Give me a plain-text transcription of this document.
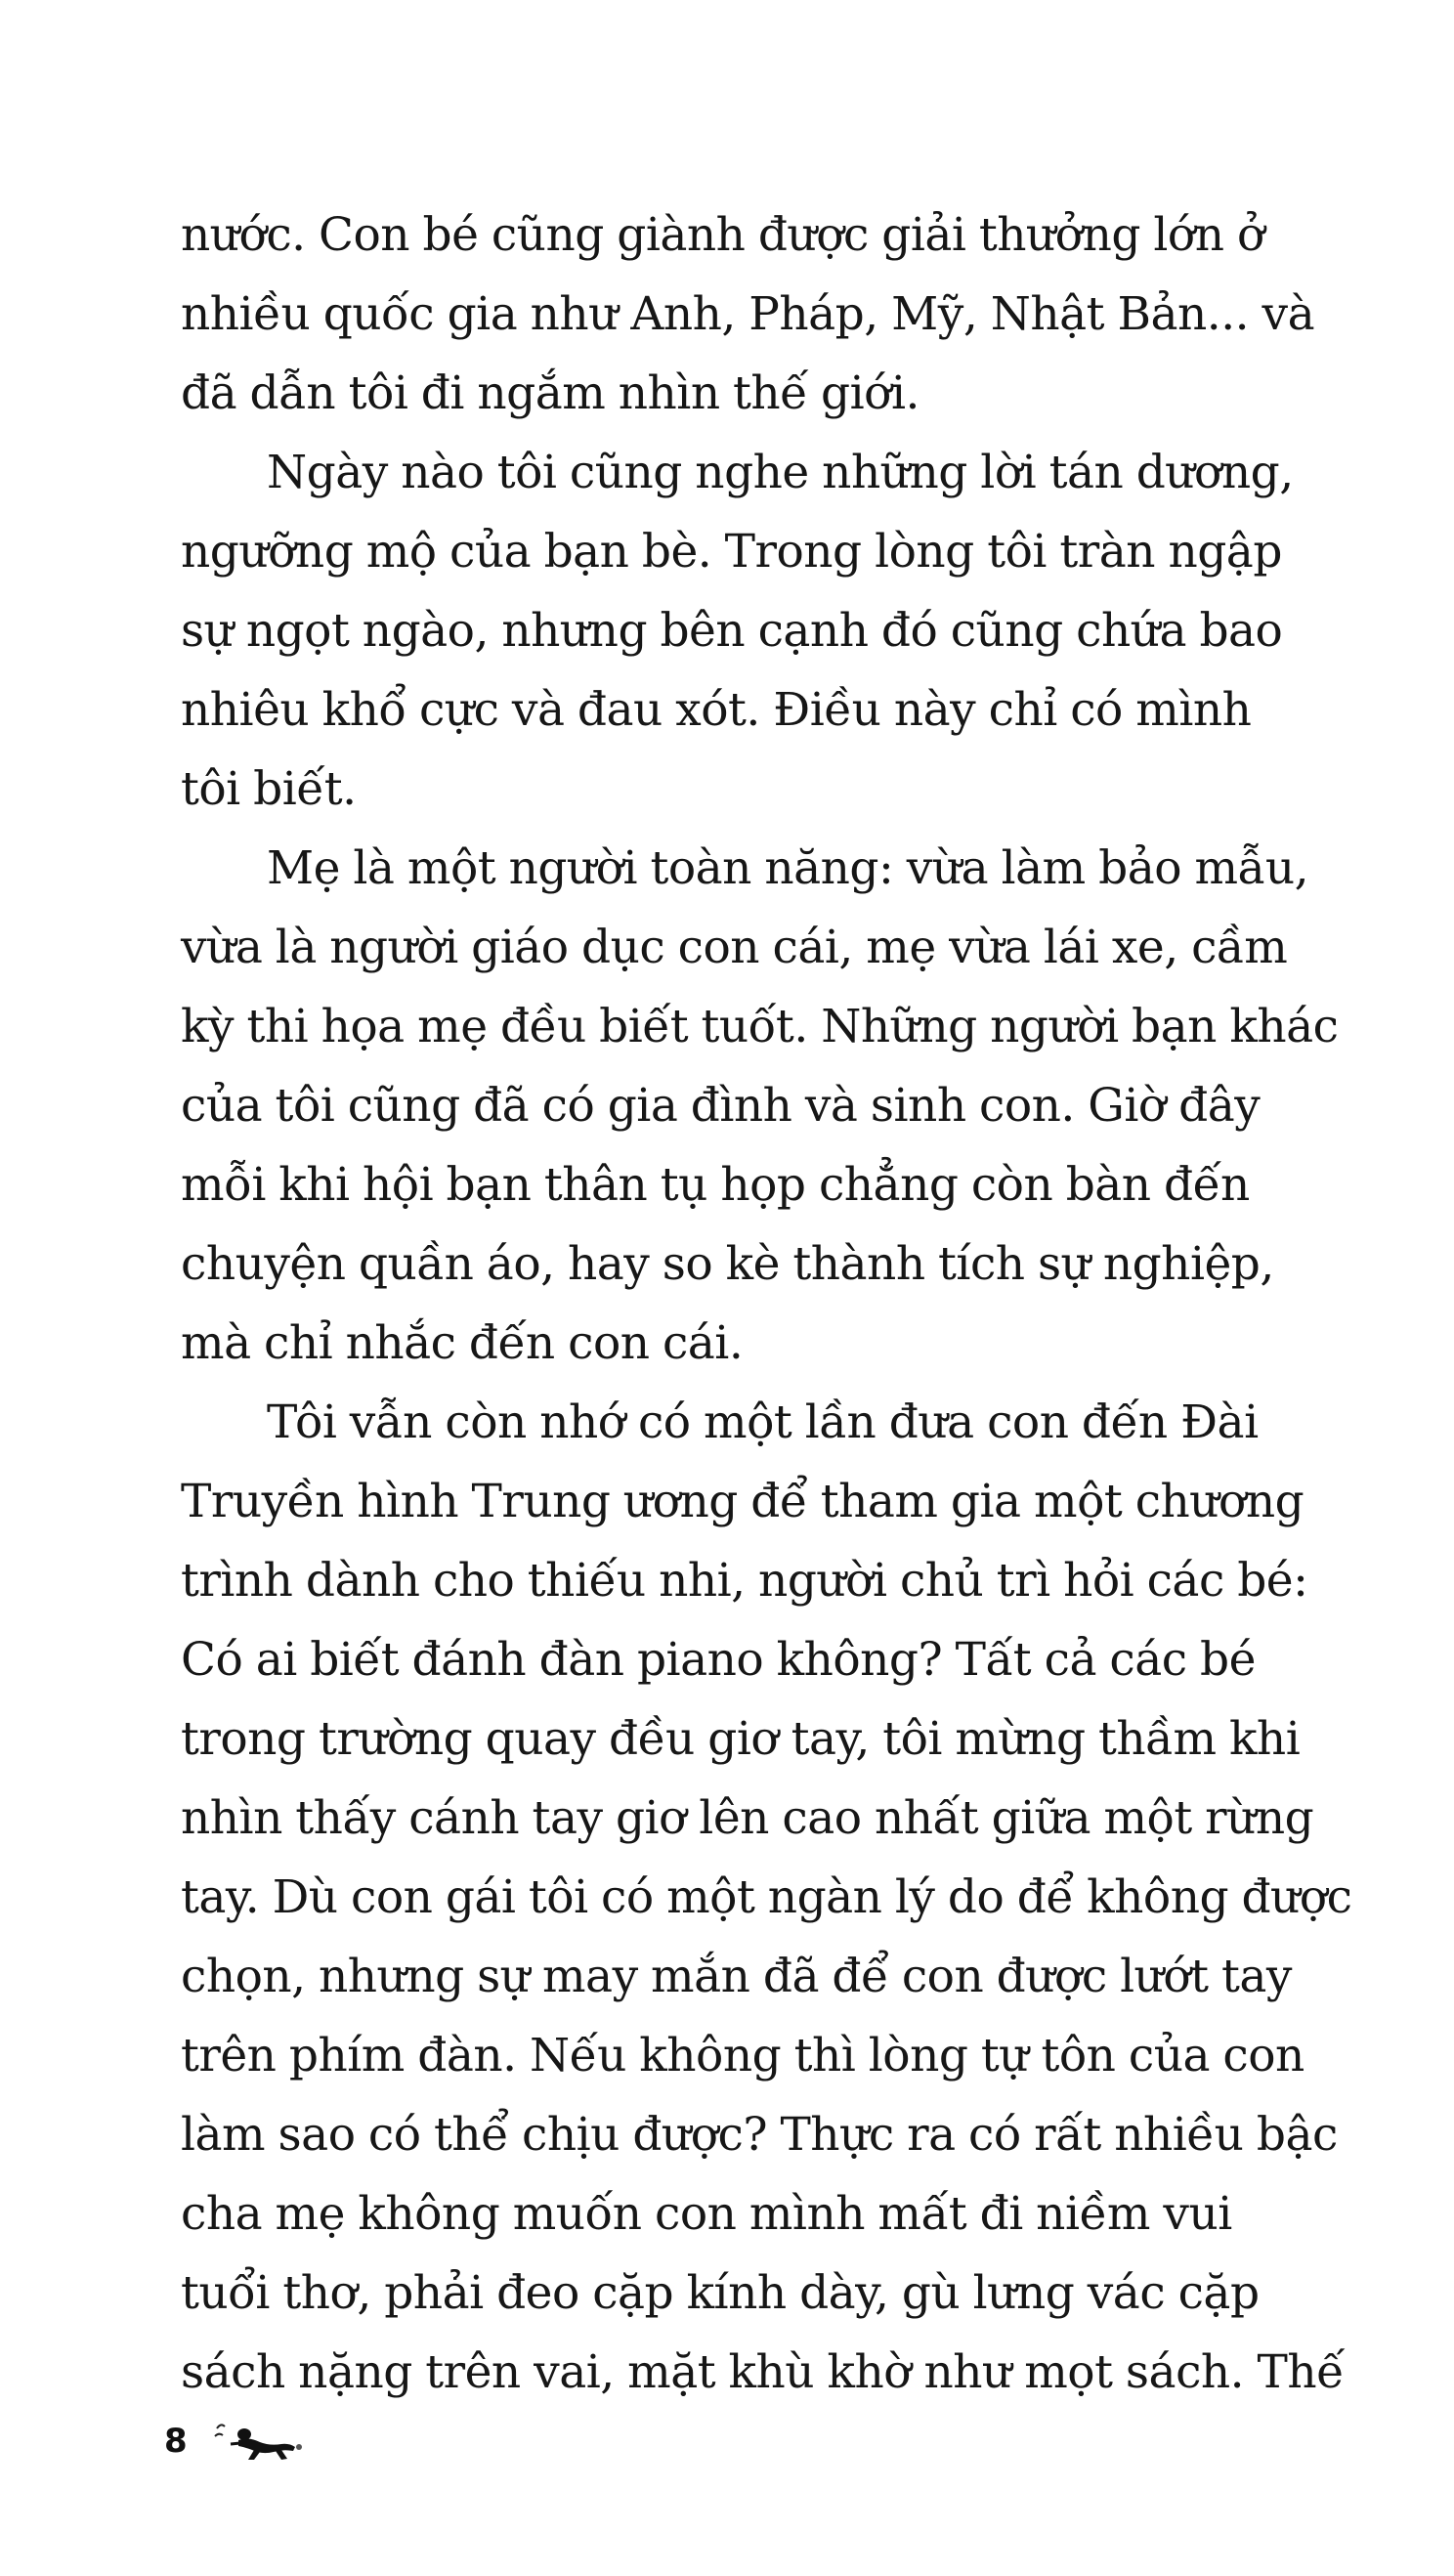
nước. Con bé cũng giành được giải thưởng lớn ở
nhiều quốc gia như Anh, Pháp, Mỹ, Nhật Bản... và
đã dẫn tôi đi ngắm nhìn thế giới.
Ngày nào tôi cũng nghe những lời tán dương,
ngưỡng mộ của bạn bè. Trong lòng tôi tràn ngập
sự ngọt ngào, nhưng bên cạnh đó cũng chứa bao
nhiêu khổ cực và đau xót. Điều này chỉ có mình
tôi biết.
Mẹ là một người toàn năng: vừa làm bảo mẫu,
vừa là người giáo dục con cái, mẹ vừa lái xe, cầm
kỳ thi họa mẹ đều biết tuốt. Những người bạn khác
của tôi cũng đã có gia đình và sinh con. Giờ đây
mỗi khi hội bạn thân tụ họp chẳng còn bàn đến
chuyện quần áo, hay so kè thành tích sự nghiệp,
mà chỉ nhắc đến con cái.
Tôi vẫn còn nhớ có một lần đưa con đến Đài
Truyền hình Trung ương để tham gia một chương
trình dành cho thiếu nhi, người chủ trì hỏi các bé:
Có ai biết đánh đàn piano không? Tất cả các bé
trong trường quay đều giơ tay, tôi mừng thầm khi
nhìn thấy cánh tay giơ lên cao nhất giữa một rừng
tay. Dù con gái tôi có một ngàn lý do để không được
chọn, nhưng sự may mắn đã để con được lướt tay
trên phím đàn. Nếu không thì lòng tự tôn của con
làm sao có thể chịu được? Thực ra có rất nhiều bậc
cha mẹ không muốn con mình mất đi niềm vui
tuổi thơ, phải đeo cặp kính dày, gù lưng vác cặp
sách nặng trên vai, mặt khù khờ như mọt sách. Thế
8
